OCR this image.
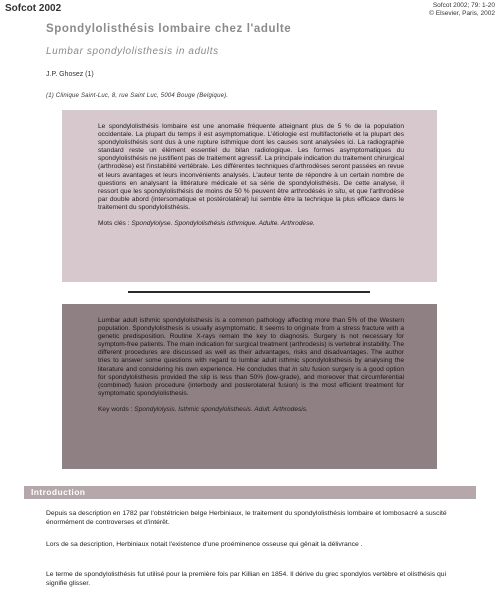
Sofcot 2002	Sofcot 2002; 79: 1-20
© Elsevier, Paris, 2002
Spondylolisthésis lombaire chez l'adulte
Lumbar spondylolisthesis in adults
J.P. Ghosez (1)
(1) Clinique Saint-Luc, 8, rue Saint Luc, 5004 Bouge (Belgique).

Le spondylolisthésis lombaire est une anomalie fréquente atteignant plus de 5 % de la population occidentale. La plupart du temps il est asymptomatique. L'étiologie est multifactorielle et la plupart des spondylolisthésis sont dus à une rupture isthmique dont les causes sont analysées ici. La radiographie standard reste un élément essentiel du bilan radiologique. Les formes asymptomatiques du spondylolisthésis ne justifient pas de traitement agressif. La principale indication du traitement chirurgical (arthrodèse) est l'instabilité vertébrale. Les différentes techniques d'arthrodèses seront passées en revue et leurs avantages et leurs inconvénients analysés. L'auteur tente de répondre à un certain nombre de questions en analysant la littérature médicale et sa série de spondylolisthésis. De cette analyse, il ressort que les spondylolisthésis de moins de 50 % peuvent être arthrodésés in situ, et que l'arthrodèse par double abord (intersomatique et postérolatéral) lui semble être la technique la plus efficace dans le traitement du spondylolisthésis.

Mots clés : Spondylolyse. Spondylolisthésis isthmique. Adulte. Arthrodèse.

Lumbar adult isthmic spondylolisthesis is a common pathology affecting more than 5% of the Western population. Spondylolisthesis is usually asymptomatic. It seems to originate from a stress fracture with a genetic predisposition. Routine X-rays remain the key to diagnosis. Surgery is not necessary for symptom-free patients. The main indication for surgical treatment (arthrodesis) is vertebral instability. The different procedures are discussed as well as their advantages, risks and disadvantages. The author tries to answer some questions with regard to lumbar adult isthmic spondylolisthesis by analysing the literature and considering his own experience. He concludes that in situ fusion surgery is a good option for spondylolisthesis provided the slip is less than 50% (low-grade), and moreover that circumferential (combined) fusion procedure (interbody and posterolateral fusion) is the most efficient treatment for symptomatic spondylolisthesis.

Key words : Spondylolysis. Isthmic spondylolisthesis. Adult. Arthrodesis.
Introduction

Depuis sa description en 1782 par l'obstétricien belge Herbiniaux, le traitement du spondylolisthésis lombaire et lombosacré a suscité énormément de controverses et d'intérêt.

Lors de sa description, Herbiniaux notait l'existence d'une proéminence osseuse qui gênait la délivrance .

Le terme de spondylolisthésis fut utilisé pour la première fois par Killian en 1854. Il dérive du grec spondylos vertèbre et olisthésis qui signifie glisser.
